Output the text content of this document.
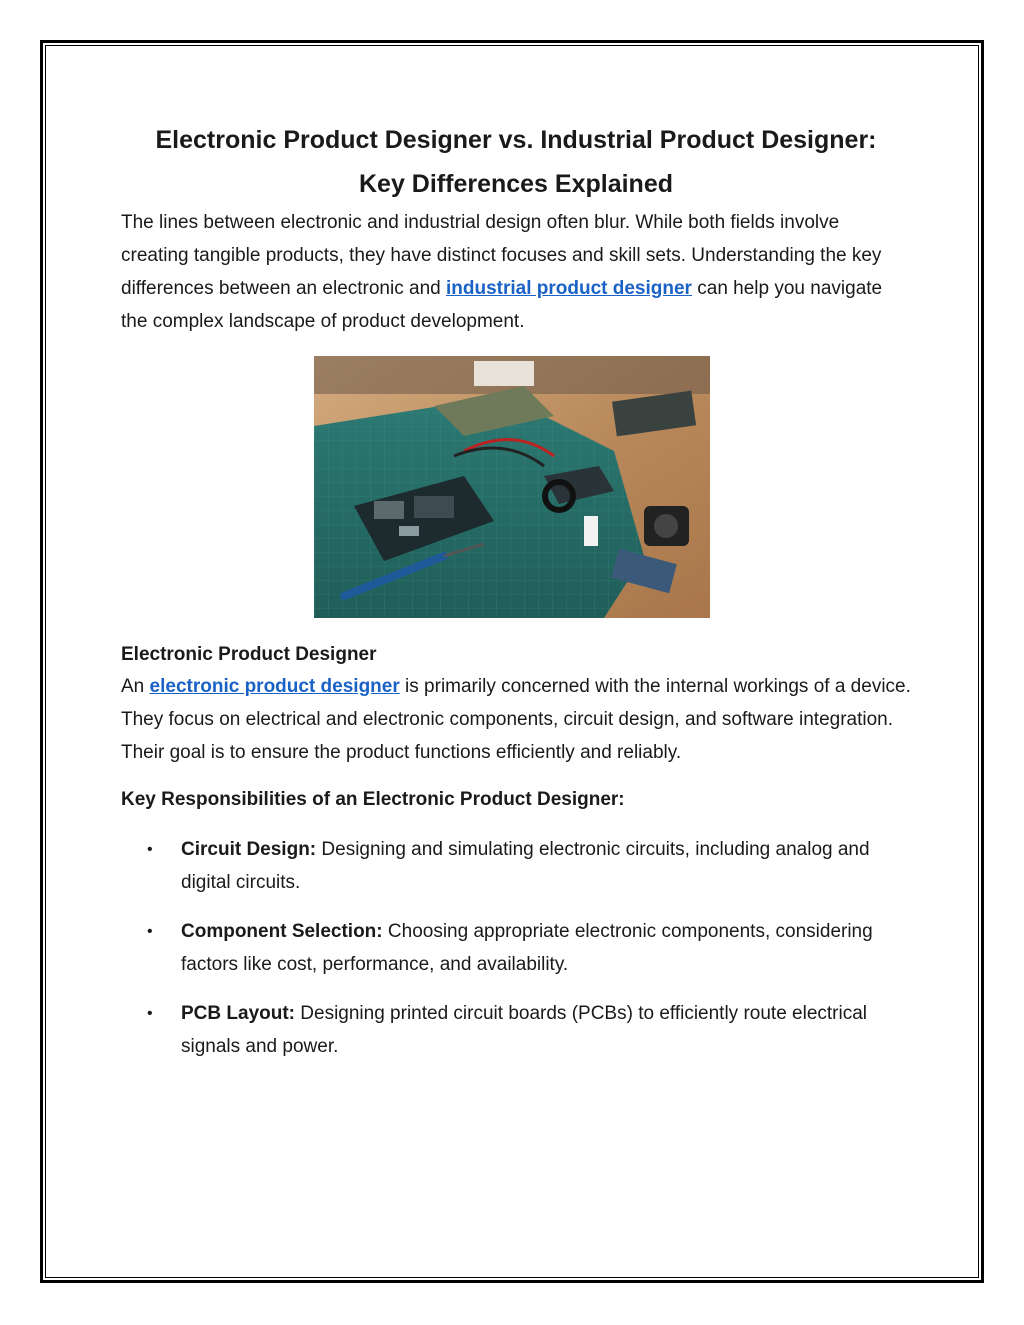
Electronic Product Designer vs. Industrial Product Designer:
Key Differences Explained

The lines between electronic and industrial design often blur. While both fields involve creating tangible products, they have distinct focuses and skill sets. Understanding the key differences between an electronic and industrial product designer can help you navigate the complex landscape of product development.

Electronic Product Designer

An electronic product designer is primarily concerned with the internal workings of a device. They focus on electrical and electronic components, circuit design, and software integration. Their goal is to ensure the product functions efficiently and reliably.

Key Responsibilities of an Electronic Product Designer:
• Circuit Design: Designing and simulating electronic circuits, including analog and digital circuits.
• Component Selection: Choosing appropriate electronic components, considering factors like cost, performance, and availability.
• PCB Layout: Designing printed circuit boards (PCBs) to efficiently route electrical signals and power.
